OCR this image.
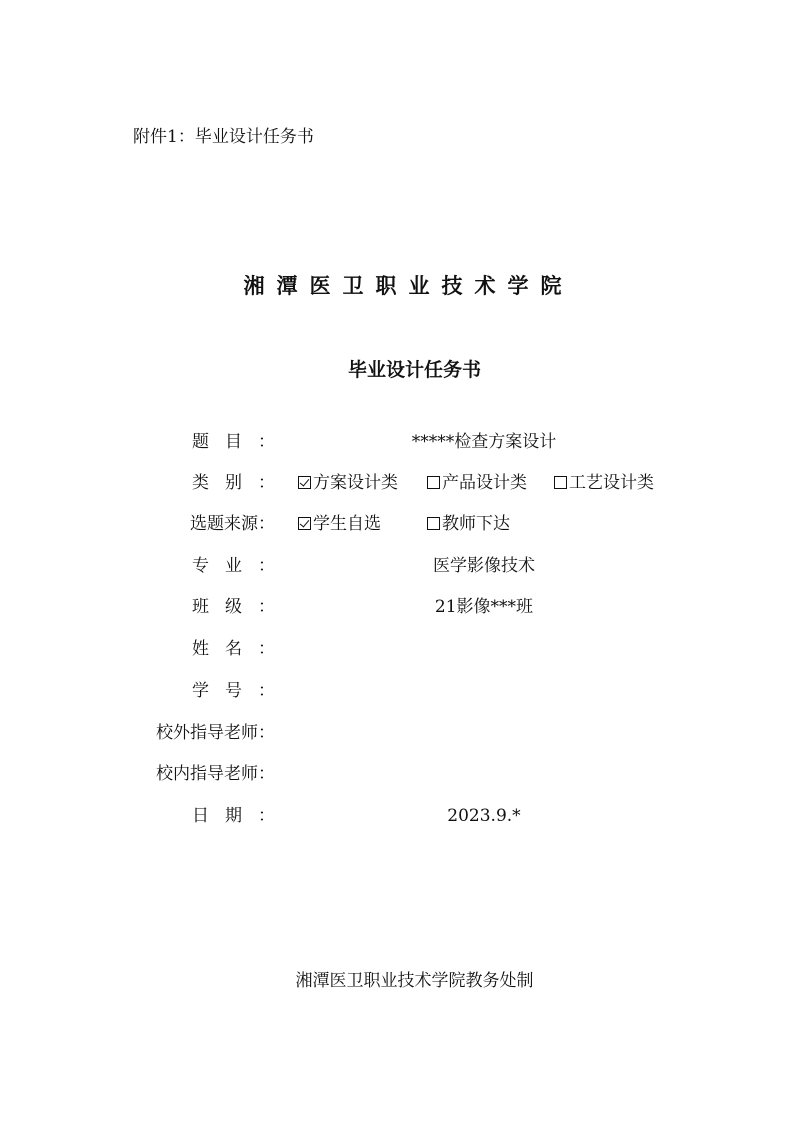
附件1：毕业设计任务书
湘潭医卫职业技术学院
毕业设计任务书
题目：	*****检查方案设计
类别：	方案设计类	产品设计类	工艺设计类
选题来源：	学生自选	教师下达
专业：	医学影像技术
班级：	21影像***班
姓名：
学号：
校外指导老师：
校内指导老师：
日期：	2023.9.*
湘潭医卫职业技术学院教务处制
